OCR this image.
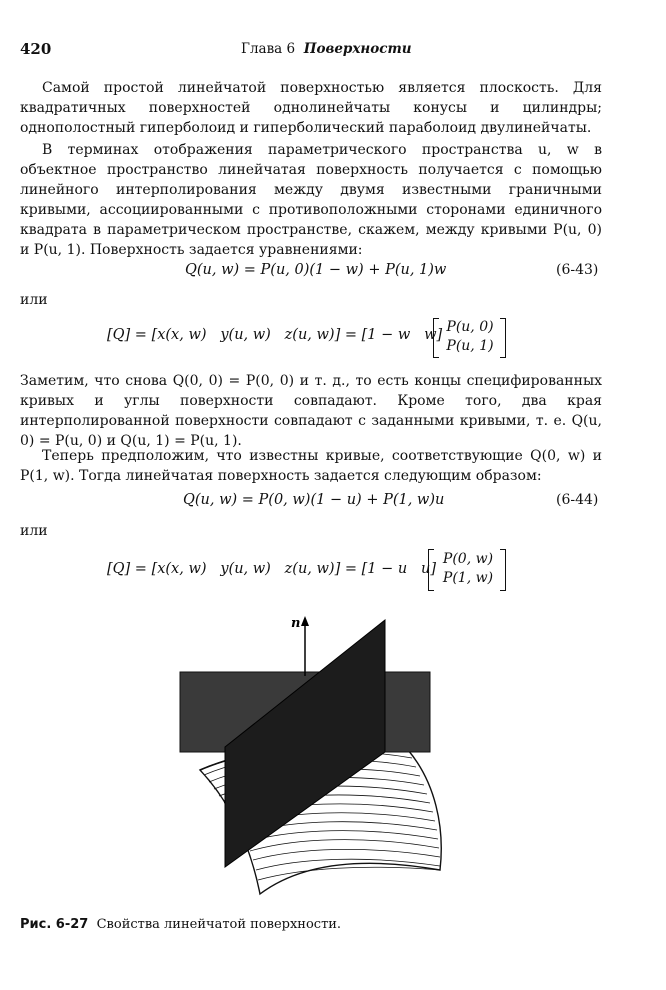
420	Глава 6 Поверхности

Самой простой линейчатой поверхностью является плоскость. Для квадратичных поверхностей однолинейчаты конусы и цилиндры; однополостный гиперболоид и гиперболический параболоид двулинейчаты.

В терминах отображения параметрического пространства u, w в объектное пространство линейчатая поверхность получается с помощью линейного интерполирования между двумя известными граничными кривыми, ассоциированными с противоположными сторонами единичного квадрата в параметрическом пространстве, скажем, между кривыми P(u, 0) и P(u, 1). Поверхность задается уравнениями:

Q(u, w) = P(u, 0)(1 − w) + P(u, 1)w	(6-43)
или
[Q] = [x(x, w)   y(u, w)   z(u, w)] = [1 − w   w] P(u, 0)
P(u, 1)

Заметим, что снова Q(0, 0) = P(0, 0) и т. д., то есть концы специфированных кривых и углы поверхности совпадают. Кроме того, два края интерполированной поверхности совпадают с заданными кривыми, т. е. Q(u, 0) = P(u, 0) и Q(u, 1) = P(u, 1).

Теперь предположим, что известны кривые, соответствующие Q(0, w) и P(1, w). Тогда линейчатая поверхность задается следующим образом:

Q(u, w) = P(0, w)(1 − u) + P(1, w)u	(6-44)
или
[Q] = [x(x, w)   y(u, w)   z(u, w)] = [1 − u   u]
P(0, w)
P(1, w)
n
Рис. 6-27 Свойства линейчатой поверхности.
